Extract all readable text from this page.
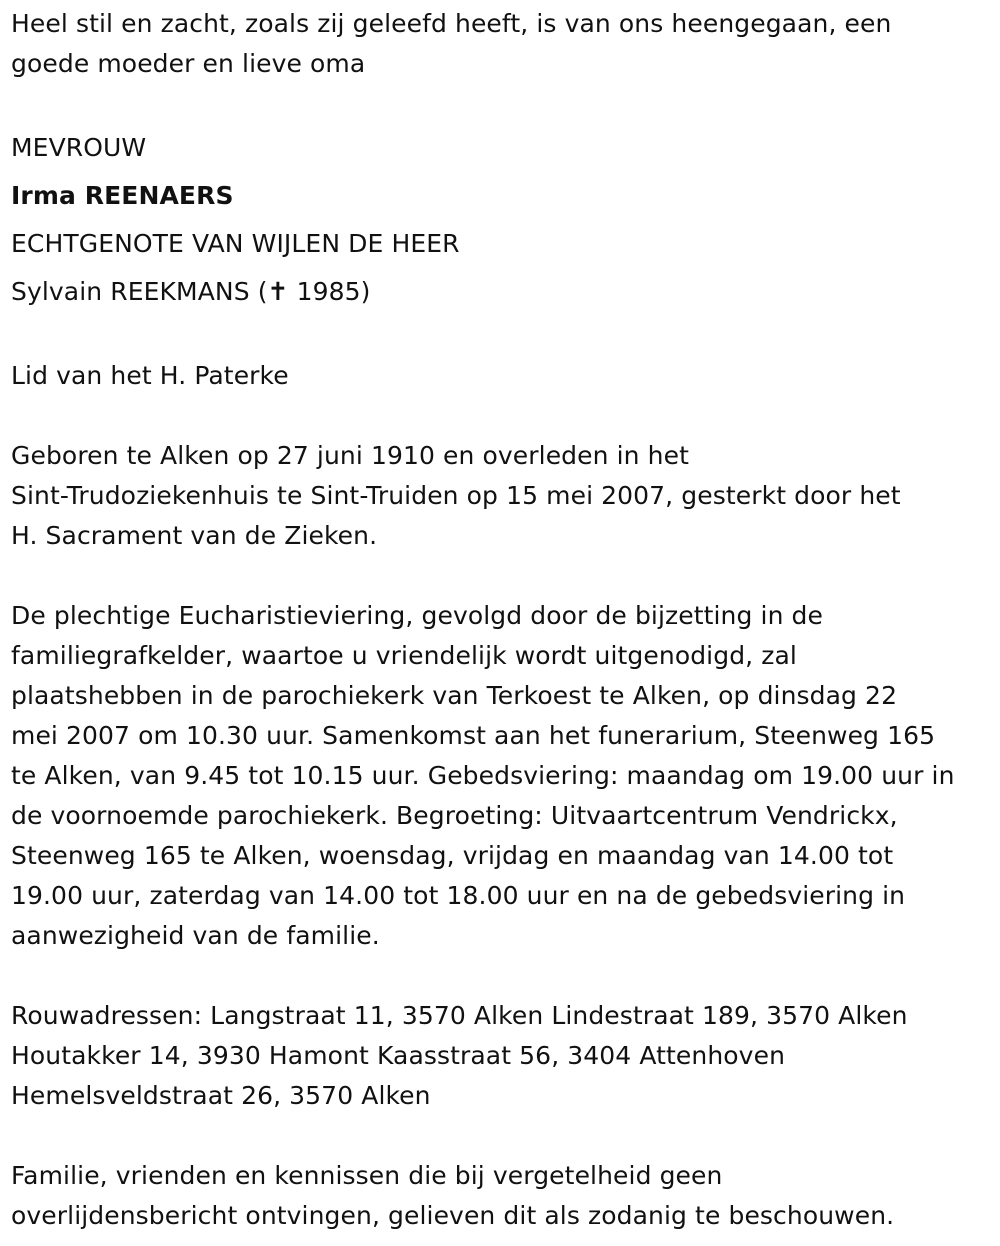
Heel stil en zacht, zoals zij geleefd heeft, is van ons heengegaan, een
goede moeder en lieve oma
MEVROUW
Irma REENAERS
ECHTGENOTE VAN WIJLEN DE HEER
Sylvain REEKMANS (✝ 1985)
Lid van het H. Paterke
Geboren te Alken op 27 juni 1910 en overleden in het
Sint-Trudoziekenhuis te Sint-Truiden op 15 mei 2007, gesterkt door het
H. Sacrament van de Zieken.
De plechtige Eucharistieviering, gevolgd door de bijzetting in de
familiegrafkelder, waartoe u vriendelijk wordt uitgenodigd, zal
plaatshebben in de parochiekerk van Terkoest te Alken, op dinsdag 22
mei 2007 om 10.30 uur. Samenkomst aan het funerarium, Steenweg 165
te Alken, van 9.45 tot 10.15 uur. Gebedsviering: maandag om 19.00 uur in
de voornoemde parochiekerk. Begroeting: Uitvaartcentrum Vendrickx,
Steenweg 165 te Alken, woensdag, vrijdag en maandag van 14.00 tot
19.00 uur, zaterdag van 14.00 tot 18.00 uur en na de gebedsviering in
aanwezigheid van de familie.
Rouwadressen: Langstraat 11, 3570 Alken Lindestraat 189, 3570 Alken
Houtakker 14, 3930 Hamont Kaasstraat 56, 3404 Attenhoven
Hemelsveldstraat 26, 3570 Alken
Familie, vrienden en kennissen die bij vergetelheid geen
overlijdensbericht ontvingen, gelieven dit als zodanig te beschouwen.
